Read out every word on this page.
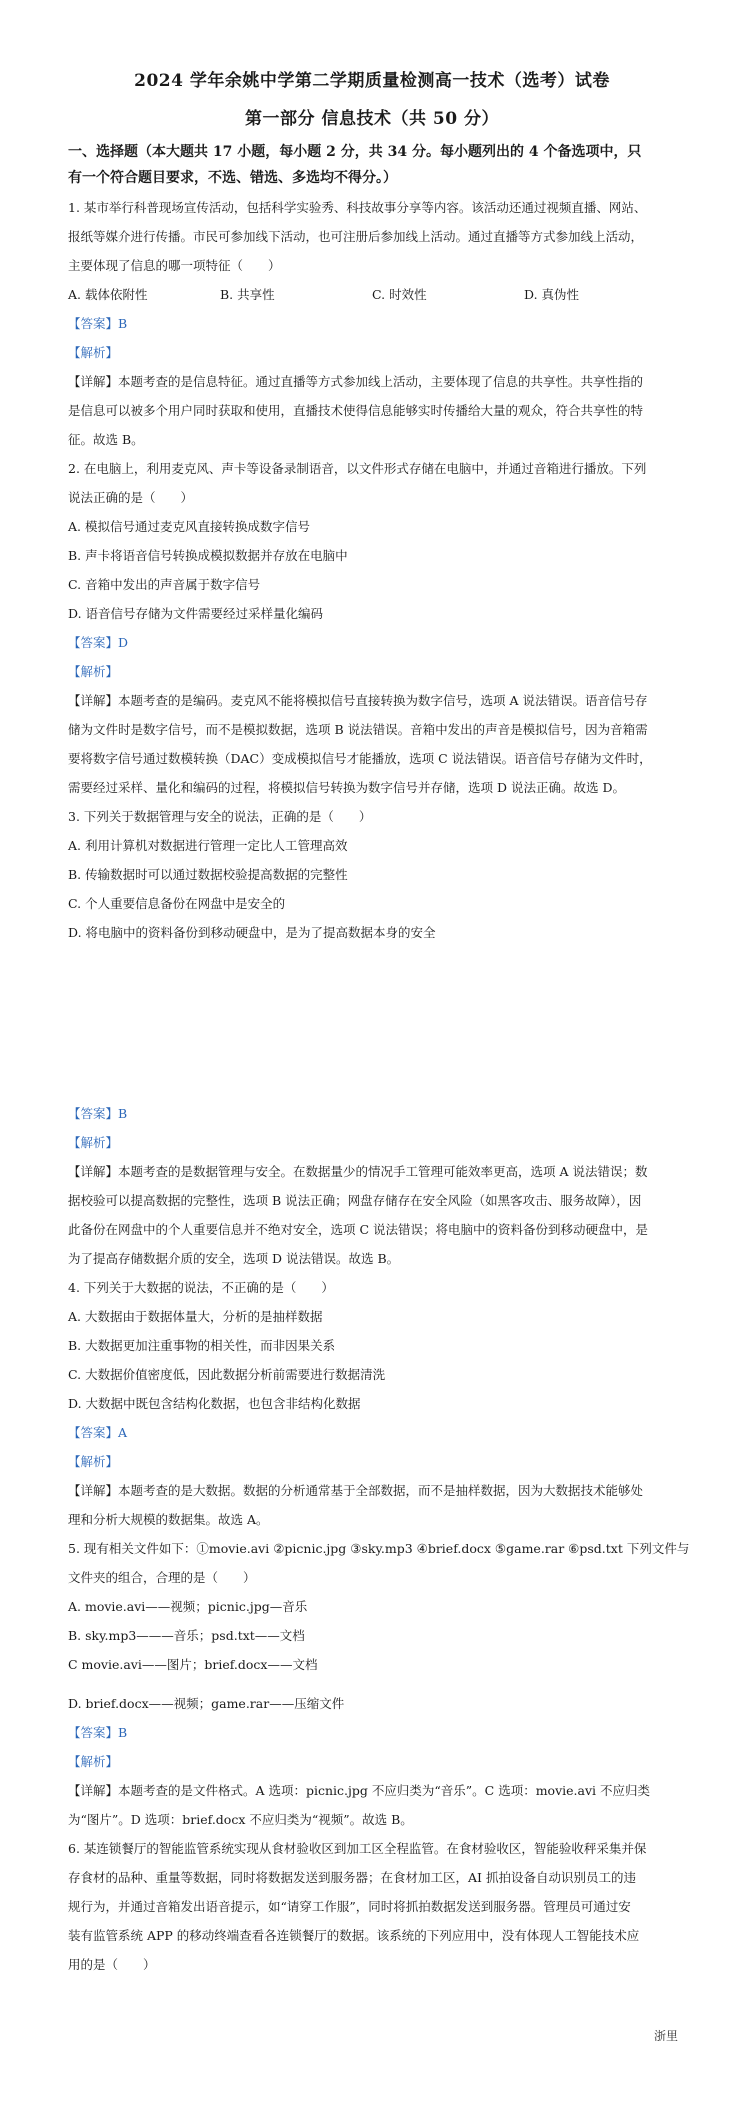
2024 学年余姚中学第二学期质量检测高一技术（选考）试卷
第一部分 信息技术（共 50 分）
一、选择题（本大题共 17 小题，每小题 2 分，共 34 分。每小题列出的 4 个备选项中，只
有一个符合题目要求，不选、错选、多选均不得分。）
1. 某市举行科普现场宣传活动，包括科学实验秀、科技故事分享等内容。该活动还通过视频直播、网站、
报纸等媒介进行传播。市民可参加线下活动，也可注册后参加线上活动。通过直播等方式参加线上活动，
主要体现了信息的哪一项特征（　　）
A. 载体依附性	B. 共享性	C. 时效性	D. 真伪性
【答案】B
【解析】
【详解】本题考查的是信息特征。通过直播等方式参加线上活动，主要体现了信息的共享性。共享性指的
是信息可以被多个用户同时获取和使用，直播技术使得信息能够实时传播给大量的观众，符合共享性的特
征。故选 B。
2. 在电脑上，利用麦克风、声卡等设备录制语音，以文件形式存储在电脑中，并通过音箱进行播放。下列
说法正确的是（　　）
A. 模拟信号通过麦克风直接转换成数字信号
B. 声卡将语音信号转换成模拟数据并存放在电脑中
C. 音箱中发出的声音属于数字信号
D. 语音信号存储为文件需要经过采样量化编码
【答案】D
【解析】
【详解】本题考查的是编码。麦克风不能将模拟信号直接转换为数字信号，选项 A 说法错误。语音信号存
储为文件时是数字信号，而不是模拟数据，选项 B 说法错误。音箱中发出的声音是模拟信号，因为音箱需
要将数字信号通过数模转换（DAC）变成模拟信号才能播放，选项 C 说法错误。语音信号存储为文件时，
需要经过采样、量化和编码的过程，将模拟信号转换为数字信号并存储，选项 D 说法正确。故选 D。
3. 下列关于数据管理与安全的说法，正确的是（　　）
A. 利用计算机对数据进行管理一定比人工管理高效
B. 传输数据时可以通过数据校验提高数据的完整性
C. 个人重要信息备份在网盘中是安全的
D. 将电脑中的资料备份到移动硬盘中，是为了提高数据本身的安全
【答案】B
【解析】
【详解】本题考查的是数据管理与安全。在数据量少的情况手工管理可能效率更高，选项 A 说法错误；数
据校验可以提高数据的完整性，选项 B 说法正确；网盘存储存在安全风险（如黑客攻击、服务故障），因
此备份在网盘中的个人重要信息并不绝对安全，选项 C 说法错误；将电脑中的资料备份到移动硬盘中，是
为了提高存储数据介质的安全，选项 D 说法错误。故选 B。
4. 下列关于大数据的说法，不正确的是（　　）
A. 大数据由于数据体量大，分析的是抽样数据
B. 大数据更加注重事物的相关性，而非因果关系
C. 大数据价值密度低，因此数据分析前需要进行数据清洗
D. 大数据中既包含结构化数据，也包含非结构化数据
【答案】A
【解析】
【详解】本题考查的是大数据。数据的分析通常基于全部数据，而不是抽样数据，因为大数据技术能够处
理和分析大规模的数据集。故选 A。
5. 现有相关文件如下：①movie.avi ②picnic.jpg ③sky.mp3 ④brief.docx ⑤game.rar ⑥psd.txt 下列文件与
文件夹的组合，合理的是（　　）
A. movie.avi——视频；picnic.jpg—音乐
B. sky.mp3———音乐；psd.txt——文档
C movie.avi——图片；brief.docx——文档
D. brief.docx——视频；game.rar——压缩文件
【答案】B
【解析】
【详解】本题考查的是文件格式。A 选项：picnic.jpg 不应归类为“音乐”。C 选项：movie.avi 不应归类
为“图片”。D 选项：brief.docx 不应归类为“视频”。故选 B。
6. 某连锁餐厅的智能监管系统实现从食材验收区到加工区全程监管。在食材验收区，智能验收秤采集并保
存食材的品种、重量等数据，同时将数据发送到服务器；在食材加工区，AI 抓拍设备自动识别员工的违
规行为，并通过音箱发出语音提示，如“请穿工作服”，同时将抓拍数据发送到服务器。管理员可通过安
装有监管系统 APP 的移动终端查看各连锁餐厅的数据。该系统的下列应用中，没有体现人工智能技术应
用的是（　　）
浙里
